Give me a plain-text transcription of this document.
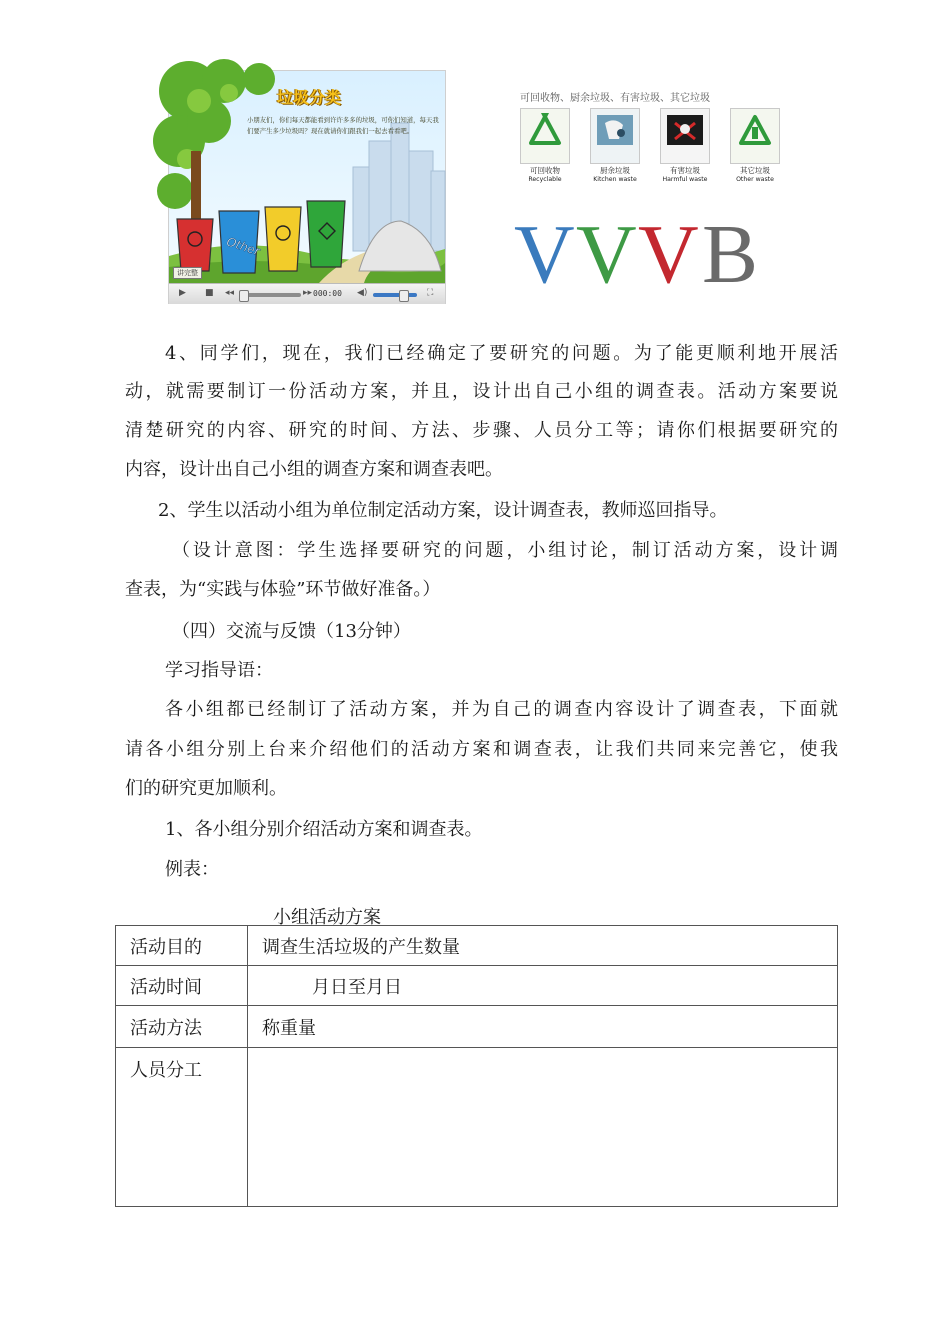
Other
垃圾分类
小朋友们，你们每天都能看到许许多多的垃圾，可你们知道，每天我们要产生多少垃圾吗？现在就请你们跟我们一起去看看吧。
讲完整
▶ ■ ◂◂	▸▸ 000:00 ◀)	⛶
可回收物、厨余垃圾、有害垃圾、其它垃圾
可回收物
Recyclable
厨余垃圾
Kitchen waste
有害垃圾
Harmful waste
其它垃圾
Other waste
V V V B
4、同学们，现在，我们已经确定了要研究的问题。为了能更顺利地开展活
动，就需要制订一份活动方案，并且，设计出自己小组的调查表。活动方案要说
清楚研究的内容、研究的时间、方法、步骤、人员分工等；请你们根据要研究的
内容，设计出自己小组的调查方案和调查表吧。
2、学生以活动小组为单位制定活动方案，设计调查表，教师巡回指导。
（设计意图：学生选择要研究的问题，小组讨论，制订活动方案，设计调
查表，为“实践与体验”环节做好准备。）
（四）交流与反馈（13分钟）
学习指导语：
各小组都已经制订了活动方案，并为自己的调查内容设计了调查表，下面就
请各小组分别上台来介绍他们的活动方案和调查表，让我们共同来完善它，使我
们的研究更加顺利。
1、各小组分别介绍活动方案和调查表。
例表：
小组活动方案
活动目的	调查生活垃圾的产生数量
活动时间	月日至月日
活动方法	称重量
人员分工	
